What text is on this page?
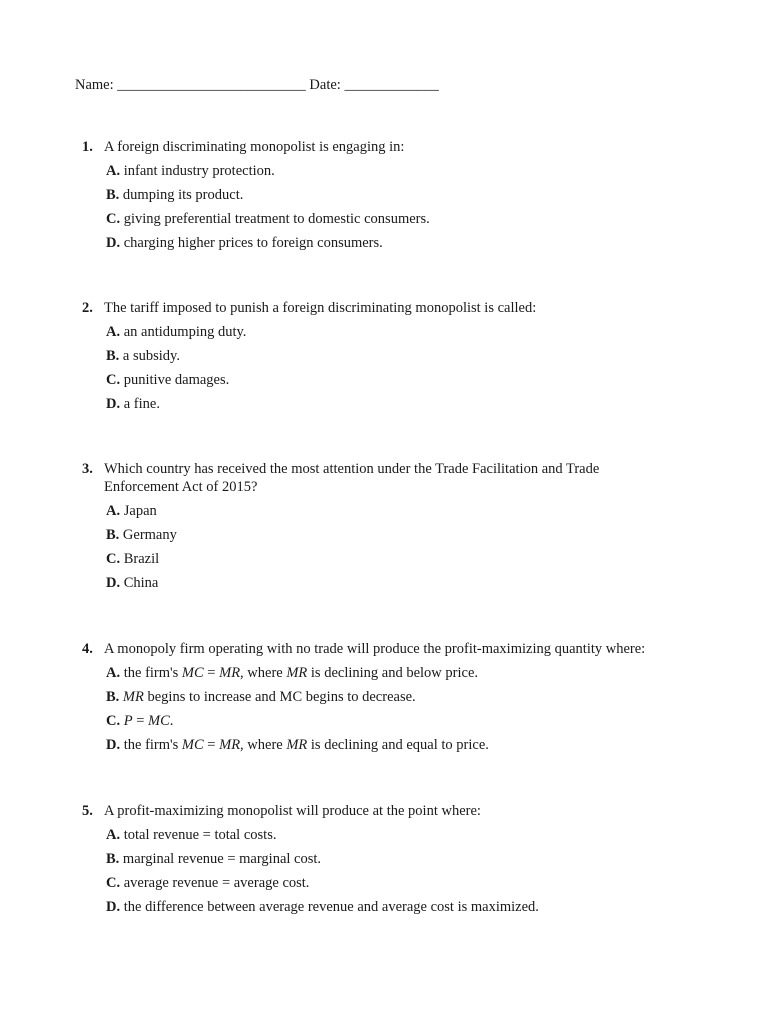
Name: __________________________ Date: _____________
1. A foreign discriminating monopolist is engaging in:
A. infant industry protection.
B. dumping its product.
C. giving preferential treatment to domestic consumers.
D. charging higher prices to foreign consumers.
2. The tariff imposed to punish a foreign discriminating monopolist is called:
A. an antidumping duty.
B. a subsidy.
C. punitive damages.
D. a fine.
3. Which country has received the most attention under the Trade Facilitation and Trade Enforcement Act of 2015?
A. Japan
B. Germany
C. Brazil
D. China
4. A monopoly firm operating with no trade will produce the profit-maximizing quantity where:
A. the firm's MC = MR, where MR is declining and below price.
B. MR begins to increase and MC begins to decrease.
C. P = MC.
D. the firm's MC = MR, where MR is declining and equal to price.
5. A profit-maximizing monopolist will produce at the point where:
A. total revenue = total costs.
B. marginal revenue = marginal cost.
C. average revenue = average cost.
D. the difference between average revenue and average cost is maximized.
